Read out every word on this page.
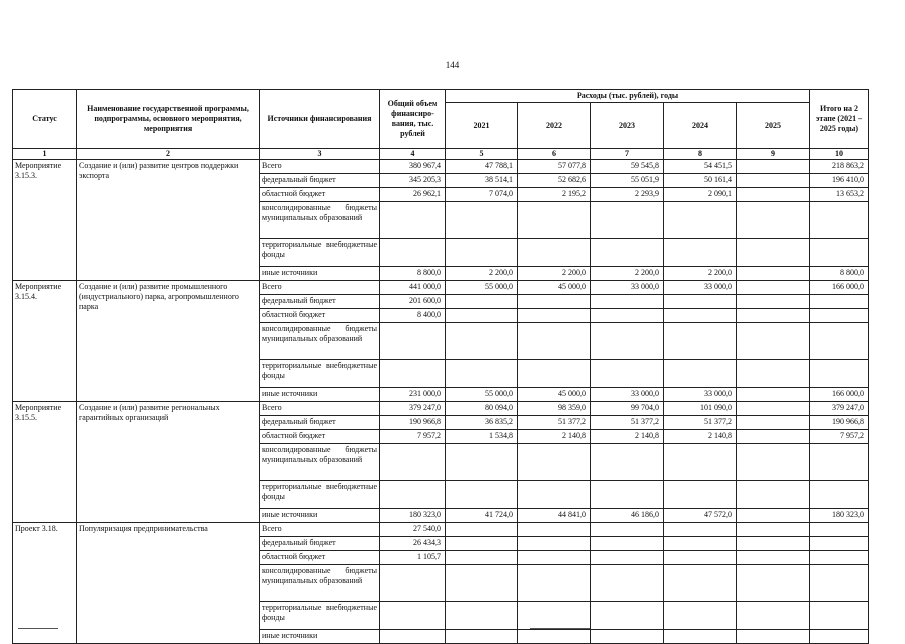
144
Статус	Наименование государственной программы, подпрограммы, основного мероприятия, мероприятия	Источники финансирования	Общий объем финансиро-вания, тыс. рублей	Расходы (тыс. рублей), годы					Итого на 2 этапе (2021 – 2025 годы)
				2021	2022	2023	2024	2025	
1	2	3	4	5	6	7	8	9	10
Мероприятие 3.15.3.	Создание и (или) развитие центров поддержки экспорта	Всего	380 967,4	47 788,1	57 077,8	59 545,8	54 451,5		218 863,2
		федеральный бюджет	345 205,3	38 514,1	52 682,6	55 051,9	50 161,4		196 410,0
		областной бюджет	26 962,1	7 074,0	2 195,2	2 293,9	2 090,1		13 653,2
		консолидированные бюджеты муниципальных образований							
		территориальные внебюджетные фонды							
		иные источники	8 800,0	2 200,0	2 200,0	2 200,0	2 200,0		8 800,0
Мероприятие 3.15.4.	Создание и (или) развитие промышленного (индустриального) парка, агропромышленного парка	Всего	441 000,0	55 000,0	45 000,0	33 000,0	33 000,0		166 000,0
		федеральный бюджет	201 600,0						
		областной бюджет	8 400,0						
		консолидированные бюджеты муниципальных образований							
		территориальные внебюджетные фонды							
		иные источники	231 000,0	55 000,0	45 000,0	33 000,0	33 000,0		166 000,0
Мероприятие 3.15.5.	Создание и (или) развитие региональных гарантийных организаций	Всего	379 247,0	80 094,0	98 359,0	99 704,0	101 090,0		379 247,0
		федеральный бюджет	190 966,8	36 835,2	51 377,2	51 377,2	51 377,2		190 966,8
		областной бюджет	7 957,2	1 534,8	2 140,8	2 140,8	2 140,8		7 957,2
		консолидированные бюджеты муниципальных образований							
		территориальные внебюджетные фонды							
		иные источники	180 323,0	41 724,0	44 841,0	46 186,0	47 572,0		180 323,0
Проект 3.18.	Популяризация предпринимательства	Всего	27 540,0						
		федеральный бюджет	26 434,3						
		областной бюджет	1 105,7						
		консолидированные бюджеты муниципальных образований							
		территориальные внебюджетные фонды							
		иные источники							
